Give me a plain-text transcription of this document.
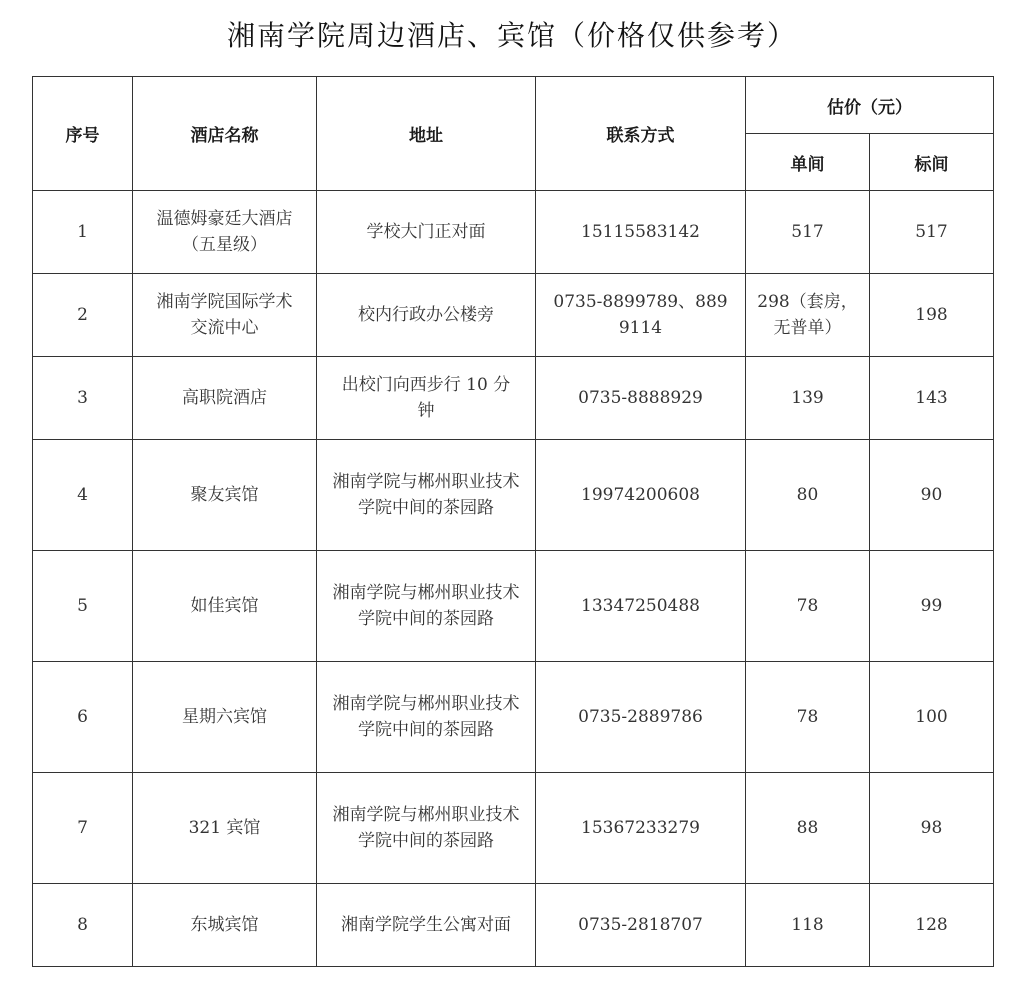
湘南学院周边酒店、宾馆（价格仅供参考）
序号	酒店名称	地址	联系方式	估价（元）	
				单间	标间
1	温德姆豪廷大酒店（五星级）	学校大门正对面	15115583142	517	517
2	湘南学院国际学术交流中心	校内行政办公楼旁	0735-8899789、8899114	298（套房，无普单）	198
3	高职院酒店	出校门向西步行 10 分钟	0735-8888929	139	143
4	聚友宾馆	湘南学院与郴州职业技术学院中间的茶园路	19974200608	80	90
5	如佳宾馆	湘南学院与郴州职业技术学院中间的茶园路	13347250488	78	99
6	星期六宾馆	湘南学院与郴州职业技术学院中间的茶园路	0735-2889786	78	100
7	321 宾馆	湘南学院与郴州职业技术学院中间的茶园路	15367233279	88	98
8	东城宾馆	湘南学院学生公寓对面	0735-2818707	118	128
